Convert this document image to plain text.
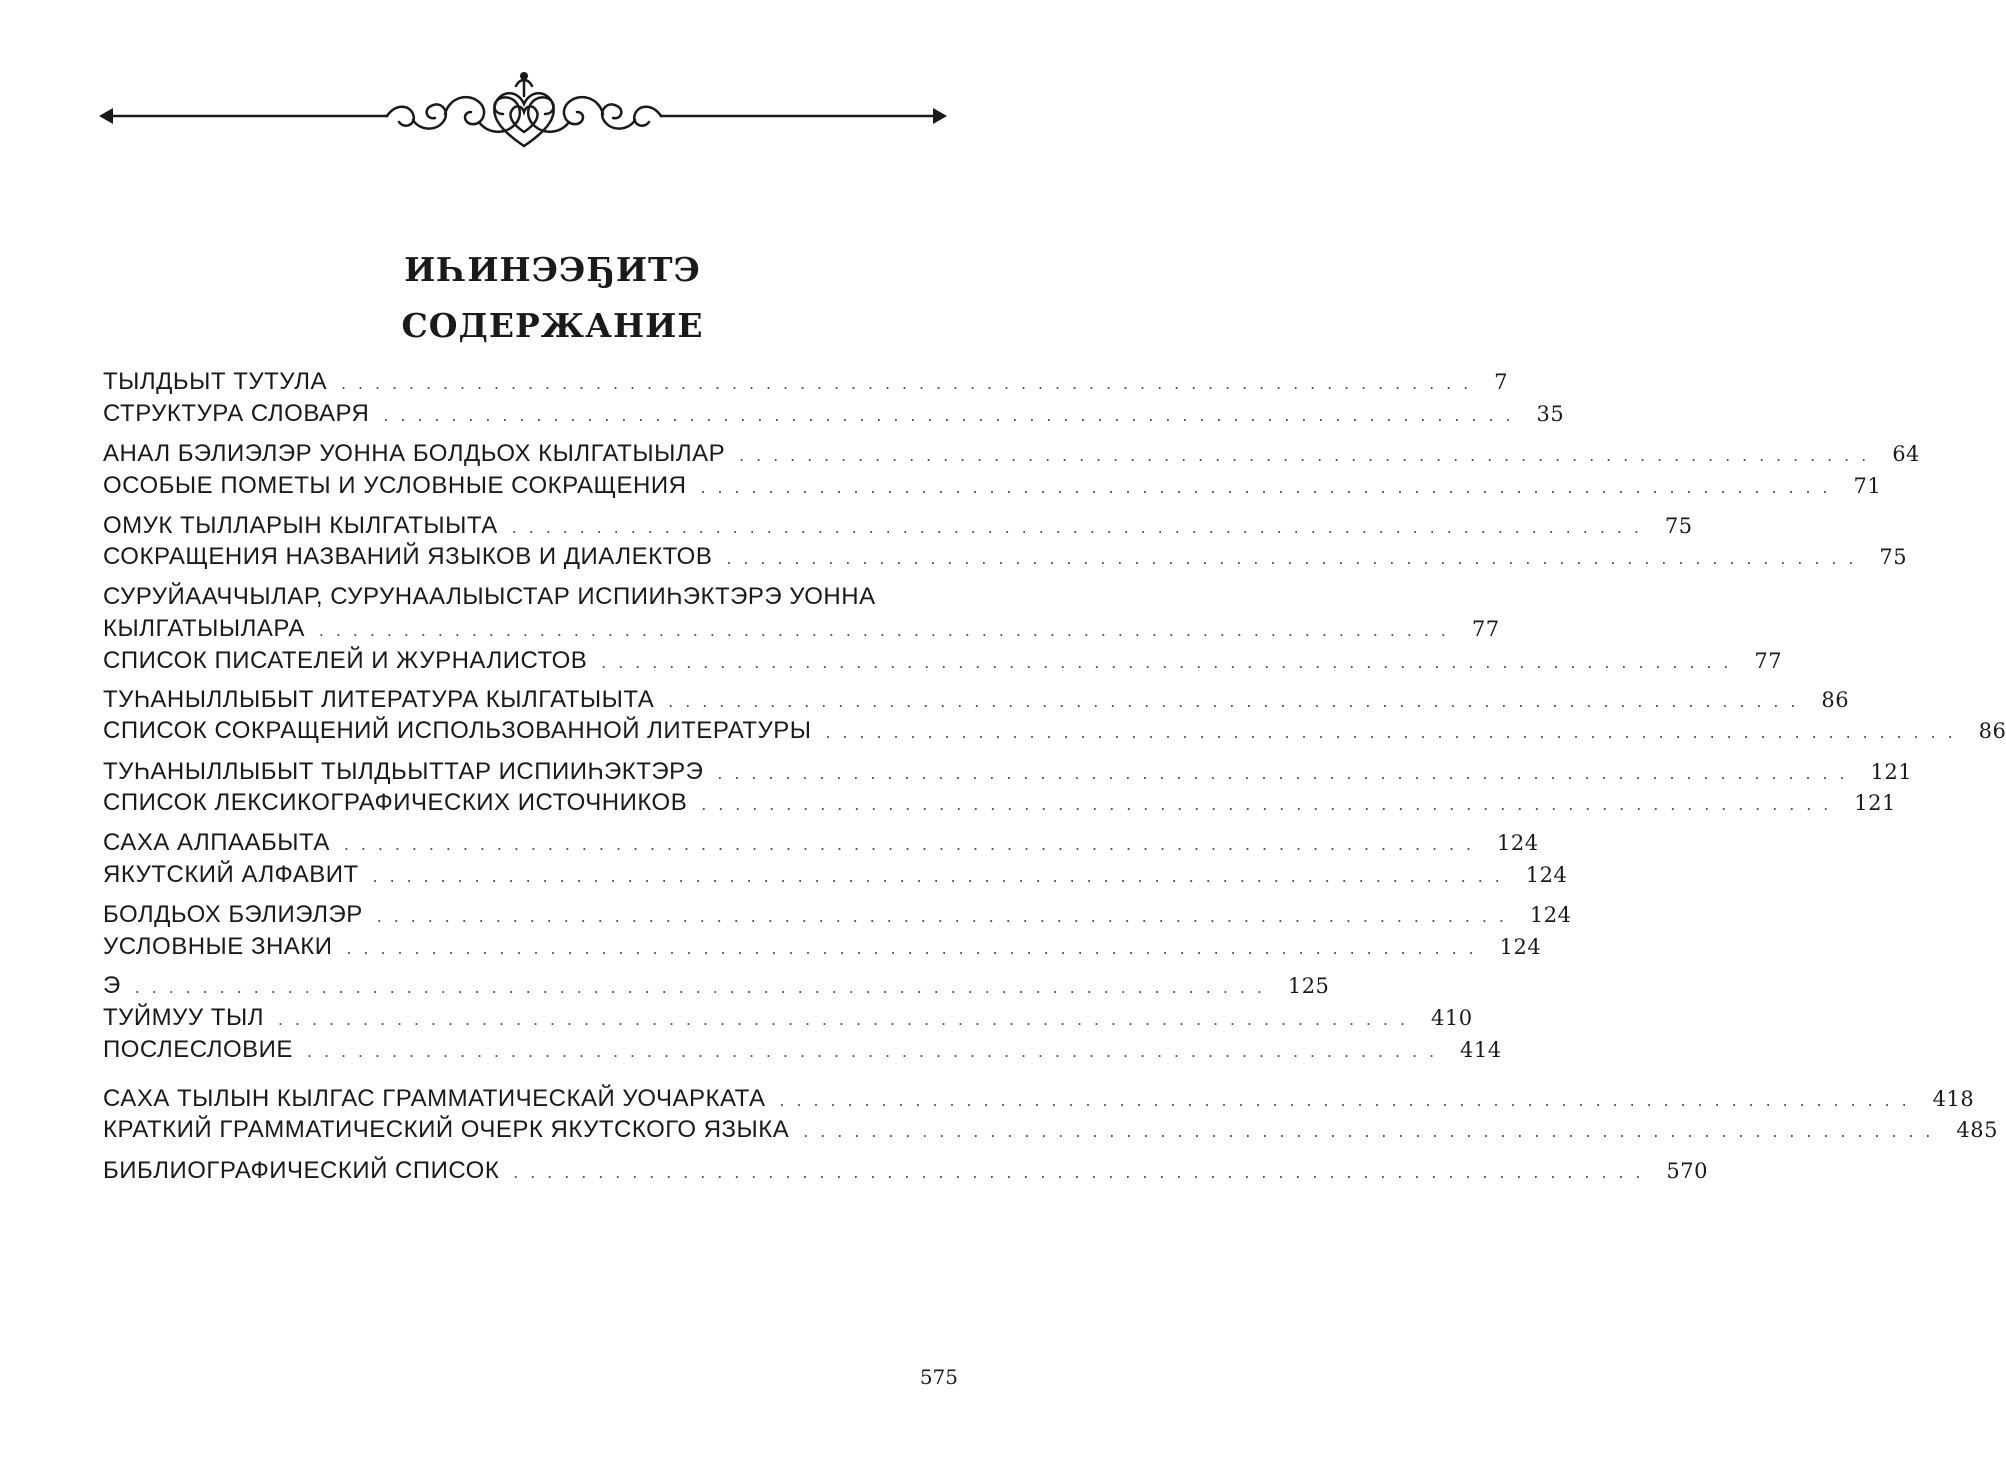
ИҺИНЭЭҔИТЭ
СОДЕРЖАНИЕ
ТЫЛДЬЫТ ТУТУЛА ................................................................... 7
СТРУКТУРА СЛОВАРЯ ................................................................... 35
АНАЛ БЭЛИЭЛЭР УОННА БОЛДЬОХ КЫЛГАТЫЫЛАР ................................................................... 64
ОСОБЫЕ ПОМЕТЫ И УСЛОВНЫЕ СОКРАЩЕНИЯ ................................................................... 71
ОМУК ТЫЛЛАРЫН КЫЛГАТЫЫТА ................................................................... 75
СОКРАЩЕНИЯ НАЗВАНИЙ ЯЗЫКОВ И ДИАЛЕКТОВ ................................................................... 75
СУРУЙААЧЧЫЛАР, СУРУНААЛЫЫСТАР ИСПИИҺЭКТЭРЭ УОННА
КЫЛГАТЫЫЛАРА ................................................................... 77
СПИСОК ПИСАТЕЛЕЙ И ЖУРНАЛИСТОВ ................................................................... 77
ТУҺАНЫЛЛЫБЫТ ЛИТЕРАТУРА КЫЛГАТЫЫТА ................................................................... 86
СПИСОК СОКРАЩЕНИЙ ИСПОЛЬЗОВАННОЙ ЛИТЕРАТУРЫ ................................................................... 86
ТУҺАНЫЛЛЫБЫТ ТЫЛДЬЫТТАР ИСПИИҺЭКТЭРЭ ................................................................... 121
СПИСОК ЛЕКСИКОГРАФИЧЕСКИХ ИСТОЧНИКОВ ................................................................... 121
САХА АЛПААБЫТА ................................................................... 124
ЯКУТСКИЙ АЛФАВИТ ................................................................... 124
БОЛДЬОХ БЭЛИЭЛЭР ................................................................... 124
УСЛОВНЫЕ ЗНАКИ ................................................................... 124
Э ................................................................... 125
ТУЙМУУ ТЫЛ ................................................................... 410
ПОСЛЕСЛОВИЕ ................................................................... 414
САХА ТЫЛЫН КЫЛГАС ГРАММАТИЧЕСКАЙ УОЧАРКАТА ................................................................... 418
КРАТКИЙ ГРАММАТИЧЕСКИЙ ОЧЕРК ЯКУТСКОГО ЯЗЫКА ................................................................... 485
БИБЛИОГРАФИЧЕСКИЙ СПИСОК ................................................................... 570
575
